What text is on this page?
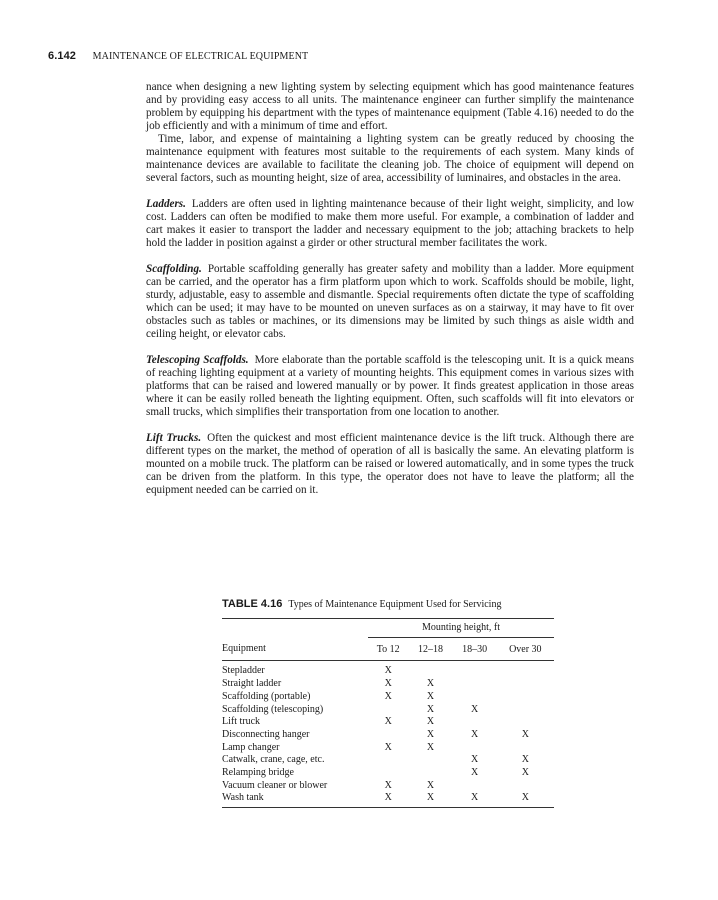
6.142 MAINTENANCE OF ELECTRICAL EQUIPMENT

nance when designing a new lighting system by selecting equipment which has good maintenance features and by providing easy access to all units. The maintenance engineer can further simplify the maintenance problem by equipping his department with the types of maintenance equipment (Table 4.16) needed to do the job efficiently and with a minimum of time and effort.

Time, labor, and expense of maintaining a lighting system can be greatly reduced by choosing the maintenance equipment with features most suitable to the requirements of each system. Many kinds of maintenance devices are available to facilitate the cleaning job. The choice of equipment will depend on several factors, such as mounting height, size of area, accessibility of luminaires, and obstacles in the area.

Ladders. Ladders are often used in lighting maintenance because of their light weight, simplicity, and low cost. Ladders can often be modified to make them more useful. For example, a combination of ladder and cart makes it easier to transport the ladder and necessary equipment to the job; attaching brackets to help hold the ladder in position against a girder or other structural member facilitates the work.

Scaffolding. Portable scaffolding generally has greater safety and mobility than a ladder. More equipment can be carried, and the operator has a firm platform upon which to work. Scaffolds should be mobile, light, sturdy, adjustable, easy to assemble and dismantle. Special requirements often dictate the type of scaffolding which can be used; it may have to be mounted on uneven surfaces as on a stairway, it may have to fit over obstacles such as tables or machines, or its dimensions may be limited by such things as aisle width and ceiling height, or elevator cabs.

Telescoping Scaffolds. More elaborate than the portable scaffold is the telescoping unit. It is a quick means of reaching lighting equipment at a variety of mounting heights. This equipment comes in various sizes with platforms that can be raised and lowered manually or by power. It finds greatest application in those areas where it can be easily rolled beneath the lighting equipment. Often, such scaffolds will fit into elevators or small trucks, which simplifies their transportation from one location to another.

Lift Trucks. Often the quickest and most efficient maintenance device is the lift truck. Although there are different types on the market, the method of operation of all is basically the same. An elevating platform is mounted on a mobile truck. The platform can be raised or lowered automatically, and in some types the truck can be driven from the platform. In this type, the operator does not have to leave the platform; all the equipment needed can be carried on it.

TABLE 4.16 Types of Maintenance Equipment Used for Servicing
	Mounting height, ft			
Equipment	To 12	12–18	18–30	Over 30
Stepladder	X			
Straight ladder	X	X		
Scaffolding (portable)	X	X		
Scaffolding (telescoping)		X	X	
Lift truck	X	X		
Disconnecting hanger		X	X	X
Lamp changer	X	X		
Catwalk, crane, cage, etc.			X	X
Relamping bridge			X	X
Vacuum cleaner or blower	X	X		
Wash tank	X	X	X	X
